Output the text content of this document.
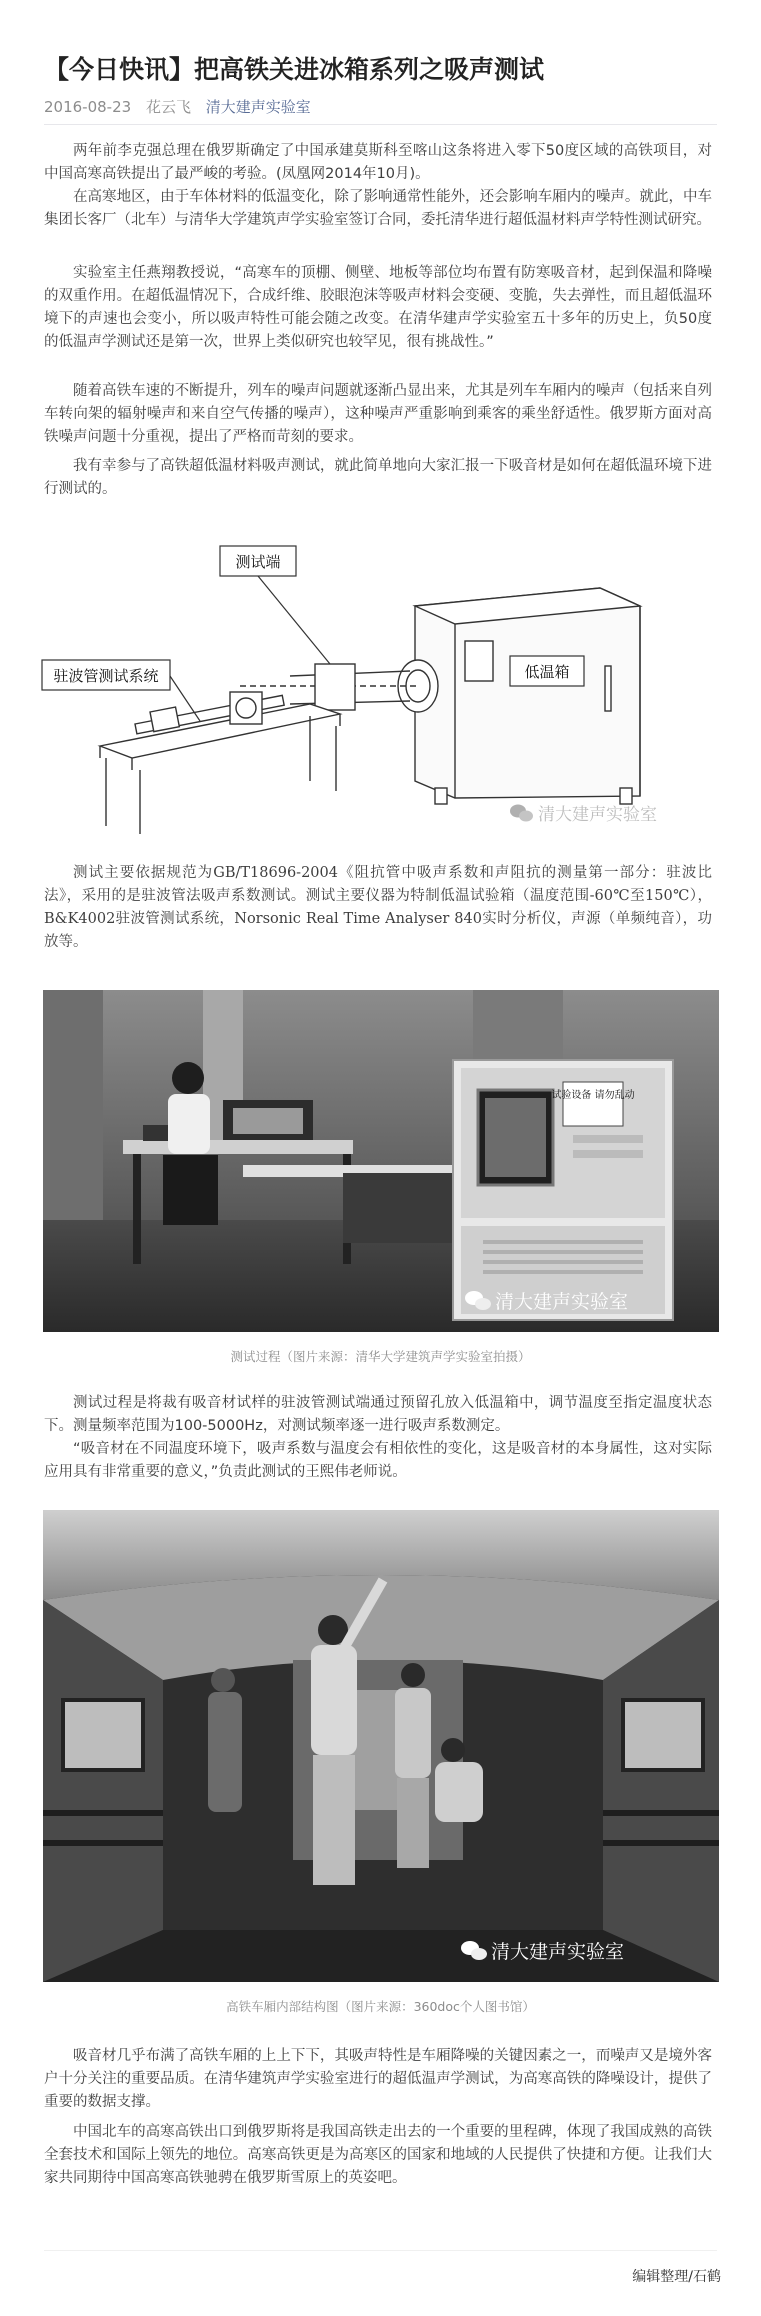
【今日快讯】把高铁关进冰箱系列之吸声测试
2016-08-23 花云飞 清大建声实验室

两年前李克强总理在俄罗斯确定了中国承建莫斯科至喀山这条将进入零下50度区域的高铁项目，对中国高寒高铁提出了最严峻的考验。(凤凰网2014年10月)。

在高寒地区，由于车体材料的低温变化，除了影响通常性能外，还会影响车厢内的噪声。就此，中车集团长客厂（北车）与清华大学建筑声学实验室签订合同，委托清华进行超低温材料声学特性测试研究。

实验室主任燕翔教授说，“高寒车的顶棚、侧壁、地板等部位均布置有防寒吸音材，起到保温和降噪的双重作用。在超低温情况下，合成纤维、胶眼泡沫等吸声材料会变硬、变脆，失去弹性，而且超低温环境下的声速也会变小，所以吸声特性可能会随之改变。在清华建声学实验室五十多年的历史上，负50度的低温声学测试还是第一次，世界上类似研究也较罕见，很有挑战性。”

随着高铁车速的不断提升，列车的噪声问题就逐渐凸显出来，尤其是列车车厢内的噪声（包括来自列车转向架的辐射噪声和来自空气传播的噪声），这种噪声严重影响到乘客的乘坐舒适性。俄罗斯方面对高铁噪声问题十分重视，提出了严格而苛刻的要求。

我有幸参与了高铁超低温材料吸声测试，就此简单地向大家汇报一下吸音材是如何在超低温环境下进行测试的。

测试端
驻波管测试系统	低温箱
清大建声实验室

测试主要依据规范为GB/T18696-2004《阻抗管中吸声系数和声阻抗的测量第一部分：驻波比法》，采用的是驻波管法吸声系数测试。测试主要仪器为特制低温试验箱（温度范围-60℃至150℃），B&K4002驻波管测试系统，Norsonic Real Time Analyser 840实时分析仪，声源（单频纯音），功放等。

试验设备 请勿乱动
清大建声实验室
测试过程（图片来源：清华大学建筑声学实验室拍摄）

测试过程是将裁有吸音材试样的驻波管测试端通过预留孔放入低温箱中，调节温度至指定温度状态下。测量频率范围为100-5000Hz，对测试频率逐一进行吸声系数测定。

“吸音材在不同温度环境下，吸声系数与温度会有相依性的变化，这是吸音材的本身属性，这对实际应用具有非常重要的意义，”负责此测试的王熙伟老师说。

清大建声实验室
高铁车厢内部结构图（图片来源：360doc个人图书馆）

吸音材几乎布满了高铁车厢的上上下下，其吸声特性是车厢降噪的关键因素之一，而噪声又是境外客户十分关注的重要品质。在清华建筑声学实验室进行的超低温声学测试，为高寒高铁的降噪设计，提供了重要的数据支撑。

中国北车的高寒高铁出口到俄罗斯将是我国高铁走出去的一个重要的里程碑，体现了我国成熟的高铁全套技术和国际上领先的地位。高寒高铁更是为高寒区的国家和地域的人民提供了快捷和方便。让我们大家共同期待中国高寒高铁驰骋在俄罗斯雪原上的英姿吧。

编辑整理/石鹤
